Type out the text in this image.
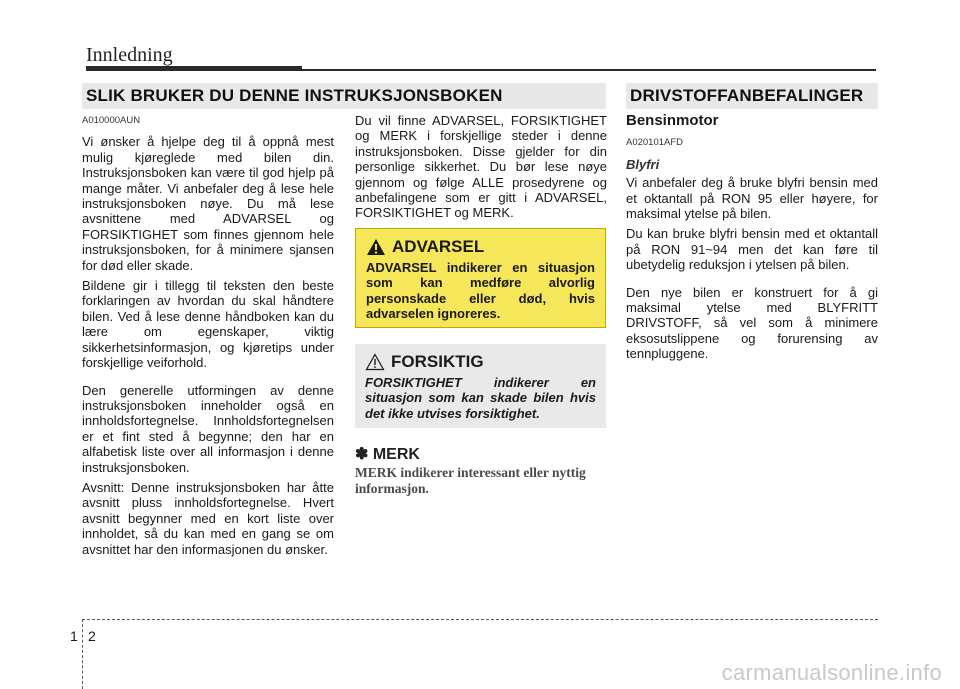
Innledning
SLIK BRUKER DU DENNE INSTRUKSJONSBOKEN	DRIVSTOFFANBEFALINGER
A010000AUN

Vi ønsker å hjelpe deg til å oppnå mest mulig kjøreglede med bilen din. Instruksjonsboken kan være til god hjelp på mange måter. Vi anbefaler deg å lese hele instruksjonsboken nøye. Du må lese avsnittene med ADVARSEL og FORSIKTIGHET som finnes gjennom hele instruksjonsboken, for å minimere sjansen for død eller skade.

Bildene gir i tillegg til teksten den beste forklaringen av hvordan du skal håndtere bilen. Ved å lese denne håndboken kan du lære om egenskaper, viktig sikkerhetsinformasjon, og kjøretips under forskjellige veiforhold.

Den generelle utformingen av denne instruksjonsboken inneholder også en innholdsfortegnelse. Innholdsfortegnelsen er et fint sted å begynne; den har en alfabetisk liste over all informasjon i denne instruksjonsboken.

Avsnitt: Denne instruksjonsboken har åtte avsnitt pluss innholdsfortegnelse. Hvert avsnitt begynner med en kort liste over innholdet, så du kan med en gang se om avsnittet har den informasjonen du ønsker.

Du vil finne ADVARSEL, FORSIKTIGHET og MERK i forskjellige steder i denne instruksjonsboken. Disse gjelder for din personlige sikkerhet. Du bør lese nøye gjennom og følge ALLE prosedyrene og anbefalingene som er gitt i ADVARSEL, FORSIKTIGHET og MERK.

ADVARSEL
ADVARSEL indikerer en situasjon som kan medføre alvorlig personskade eller død, hvis advarselen ignoreres.
FORSIKTIG
FORSIKTIGHET indikerer en situasjon som kan skade bilen hvis det ikke utvises forsiktighet.
✽ MERK
MERK indikerer interessant eller nyttig informasjon.
Bensinmotor
A020101AFD
Blyfri

Vi anbefaler deg å bruke blyfri bensin med et oktantall på RON 95 eller høyere, for maksimal ytelse på bilen.

Du kan bruke blyfri bensin med et oktantall på RON 91~94 men det kan føre til ubetydelig reduksjon i ytelsen på bilen.

Den nye bilen er konstruert for å gi maksimal ytelse med BLYFRITT DRIVSTOFF, så vel som å minimere eksosutslippene og forurensing av tennpluggene.

1 2
carmanualsonline.info
